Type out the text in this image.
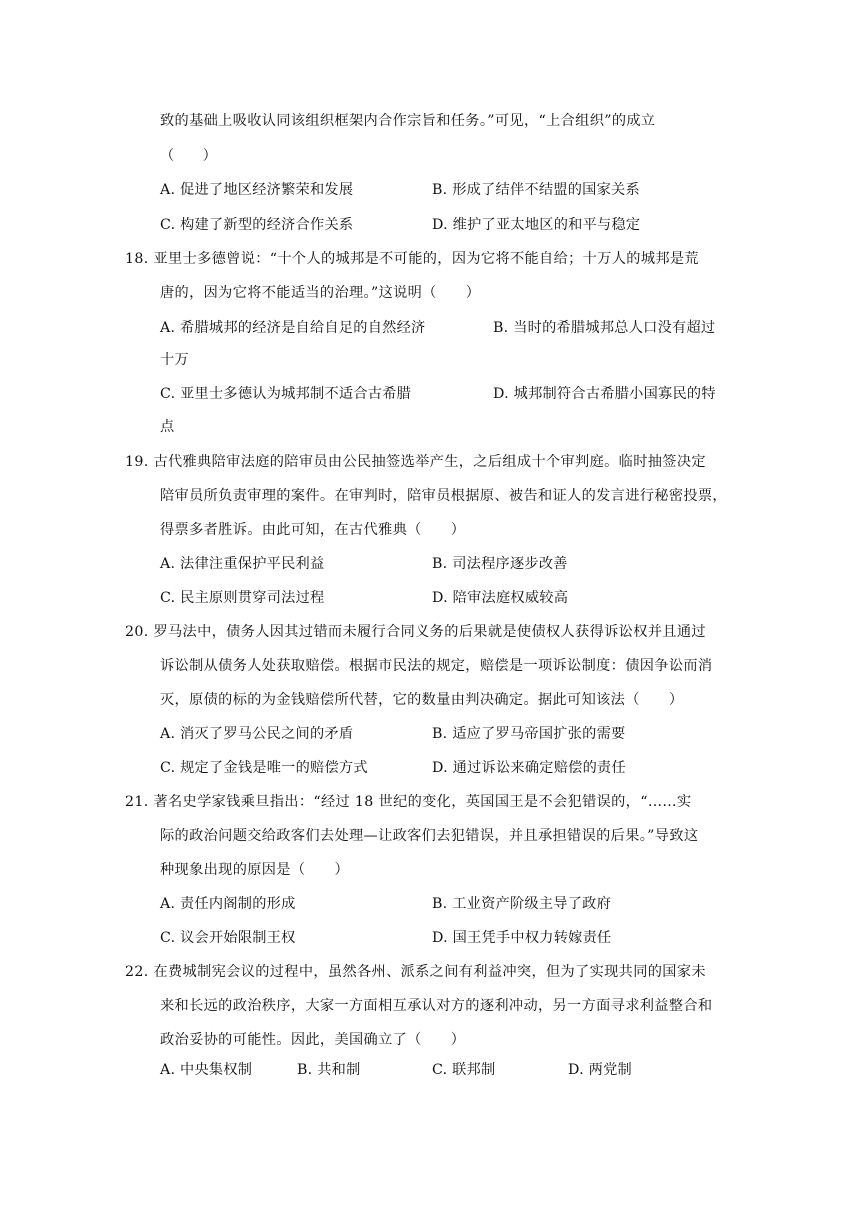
致的基础上吸收认同该组织框架内合作宗旨和任务。”可见，“上合组织”的成立
（　　）
A. 促进了地区经济繁荣和发展	B. 形成了结伴不结盟的国家关系
C. 构建了新型的经济合作关系	D. 维护了亚太地区的和平与稳定
18. 亚里士多德曾说：“十个人的城邦是不可能的，因为它将不能自给；十万人的城邦是荒
唐的，因为它将不能适当的治理。”这说明（　　）
A. 希腊城邦的经济是自给自足的自然经济	B. 当时的希腊城邦总人口没有超过
十万
C. 亚里士多德认为城邦制不适合古希腊	D. 城邦制符合古希腊小国寡民的特
点
19. 古代雅典陪审法庭的陪审员由公民抽签选举产生，之后组成十个审判庭。临时抽签决定
陪审员所负责审理的案件。在审判时，陪审员根据原、被告和证人的发言进行秘密投票，
得票多者胜诉。由此可知，在古代雅典（　　）
A. 法律注重保护平民利益	B. 司法程序逐步改善
C. 民主原则贯穿司法过程	D. 陪审法庭权威较高
20. 罗马法中，债务人因其过错而未履行合同义务的后果就是使债权人获得诉讼权并且通过
诉讼制从债务人处获取赔偿。根据市民法的规定，赔偿是一项诉讼制度：债因争讼而消
灭，原债的标的为金钱赔偿所代替，它的数量由判决确定。据此可知该法（　　）
A. 消灭了罗马公民之间的矛盾	B. 适应了罗马帝国扩张的需要
C. 规定了金钱是唯一的赔偿方式	D. 通过诉讼来确定赔偿的责任
21. 著名史学家钱乘旦指出：“经过 18 世纪的变化，英国国王是不会犯错误的，“……实
际的政治问题交给政客们去处理—让政客们去犯错误，并且承担错误的后果。”导致这
种现象出现的原因是（　　）
A. 责任内阁制的形成	B. 工业资产阶级主导了政府
C. 议会开始限制王权	D. 国王凭手中权力转嫁责任
22. 在费城制宪会议的过程中，虽然各州、派系之间有利益冲突，但为了实现共同的国家未
来和长远的政治秩序，大家一方面相互承认对方的逐利冲动，另一方面寻求利益整合和
政治妥协的可能性。因此，美国确立了（　　）
A. 中央集权制	B. 共和制	C. 联邦制	D. 两党制
